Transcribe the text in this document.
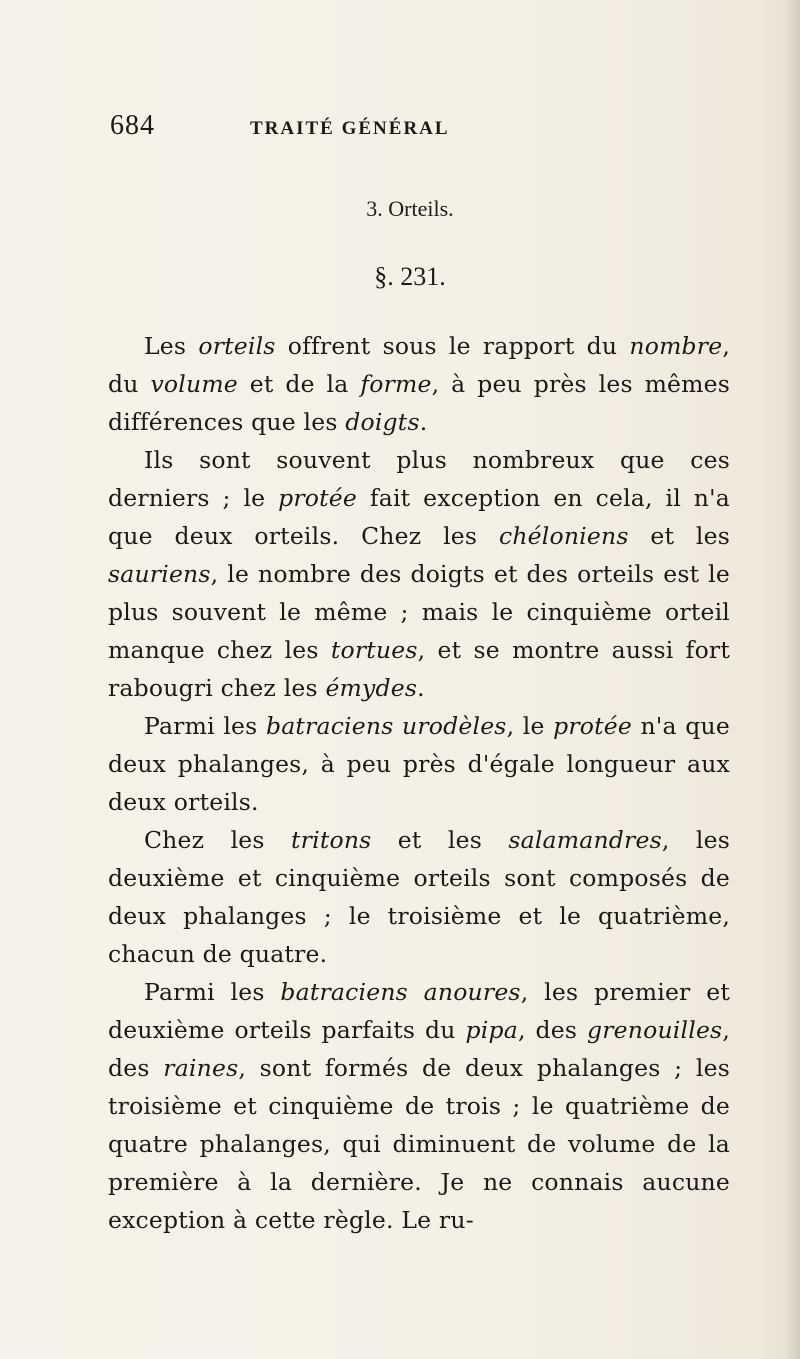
684	TRAITÉ GÉNÉRAL
3. Orteils.
§. 231.

Les orteils offrent sous le rapport du nombre, du volume et de la forme, à peu près les mêmes différences que les doigts.

Ils sont souvent plus nombreux que ces derniers ; le protée fait exception en cela, il n'a que deux orteils. Chez les chéloniens et les sauriens, le nombre des doigts et des orteils est le plus souvent le même ; mais le cinquième orteil manque chez les tortues, et se montre aussi fort rabougri chez les émydes.

Parmi les batraciens urodèles, le protée n'a que deux phalanges, à peu près d'égale longueur aux deux orteils.

Chez les tritons et les salamandres, les deuxième et cinquième orteils sont composés de deux phalanges ; le troisième et le quatrième, chacun de quatre.

Parmi les batraciens anoures, les premier et deuxième orteils parfaits du pipa, des grenouilles, des raines, sont formés de deux phalanges ; les troisième et cinquième de trois ; le quatrième de quatre phalanges, qui diminuent de volume de la première à la dernière. Je ne connais aucune exception à cette règle. Le ru-
